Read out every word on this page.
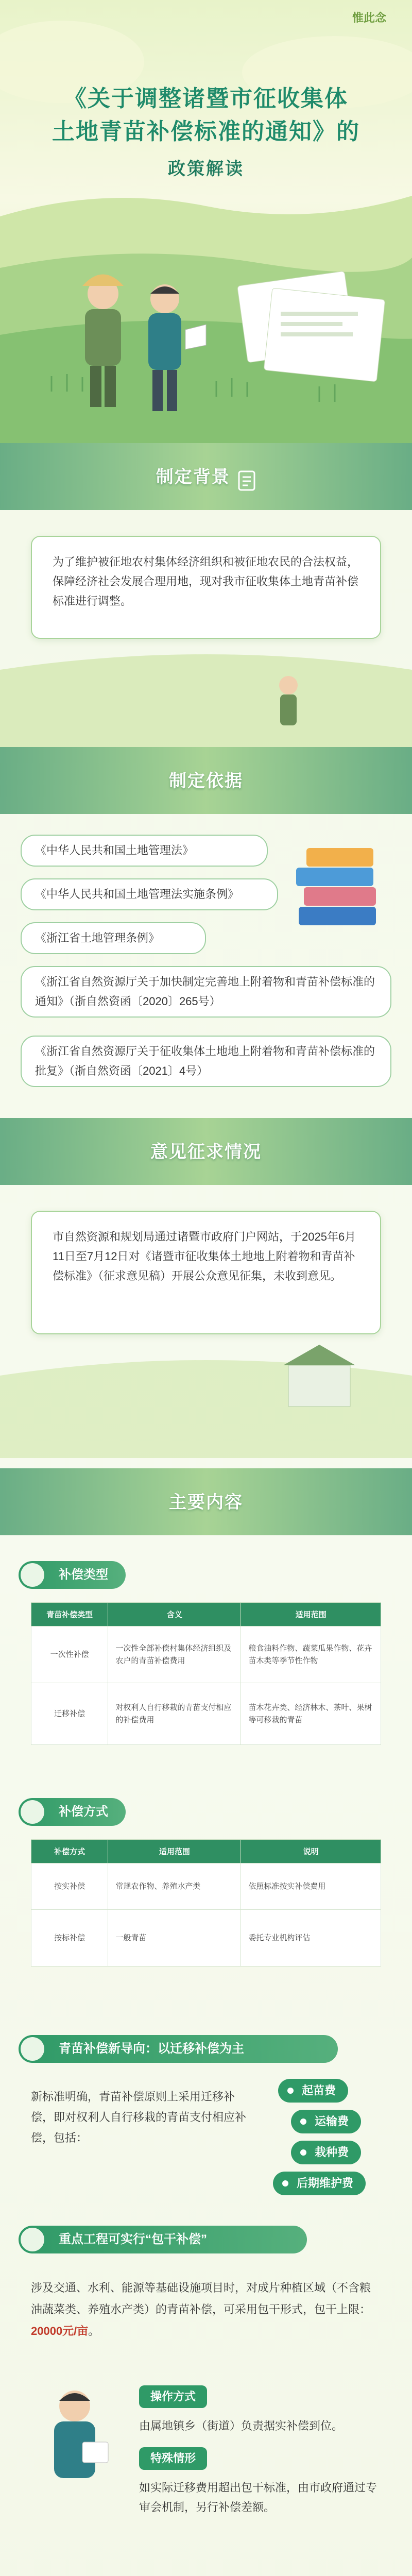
惟此念
《关于调整诸暨市征收集体
土地青苗补偿标准的通知》的
政策解读
制定背景

为了维护被征地农村集体经济组织和被征地农民的合法权益，保障经济社会发展合理用地，现对我市征收集体土地青苗补偿标准进行调整。

制定依据
《中华人民共和国土地管理法》
《中华人民共和国土地管理法实施条例》
《浙江省土地管理条例》
《浙江省自然资源厅关于加快制定完善地上附着物和青苗补偿标准的通知》（浙自然资函〔2020〕265号）
《浙江省自然资源厅关于征收集体土地地上附着物和青苗补偿标准的批复》（浙自然资函〔2021〕4号）
意见征求情况

市自然资源和规划局通过诸暨市政府门户网站，于2025年6月11日至7月12日对《诸暨市征收集体土地地上附着物和青苗补偿标准》（征求意见稿）开展公众意见征集，未收到意见。

主要内容
补偿类型
青苗补偿类型	含义	适用范围
一次性补偿	一次性全部补偿村集体经济组织及农户的青苗补偿费用	粮食油料作物、蔬菜瓜果作物、花卉苗木类等季节性作物
迁移补偿	对权利人自行移栽的青苗支付相应的补偿费用	苗木花卉类、经济林木、茶叶、果树等可移栽的青苗
补偿方式
补偿方式	适用范围	说明
按实补偿	常规农作物、养殖水产类	依照标准按实补偿费用
按标补偿	一般青苗	委托专业机构评估
青苗补偿新导向：以迁移补偿为主

新标准明确，青苗补偿原则上采用迁移补偿，即对权利人自行移栽的青苗支付相应补偿，包括：

起苗费
运输费
栽种费
后期维护费
重点工程可实行“包干补偿”

涉及交通、水利、能源等基础设施项目时，对成片种植区域（不含粮油蔬菜类、养殖水产类）的青苗补偿，可采用包干形式，包干上限：20000元/亩。

操作方式

由属地镇乡（街道）负责据实补偿到位。

特殊情形

如实际迁移费用超出包干标准，由市政府通过专审会机制，另行补偿差额。
